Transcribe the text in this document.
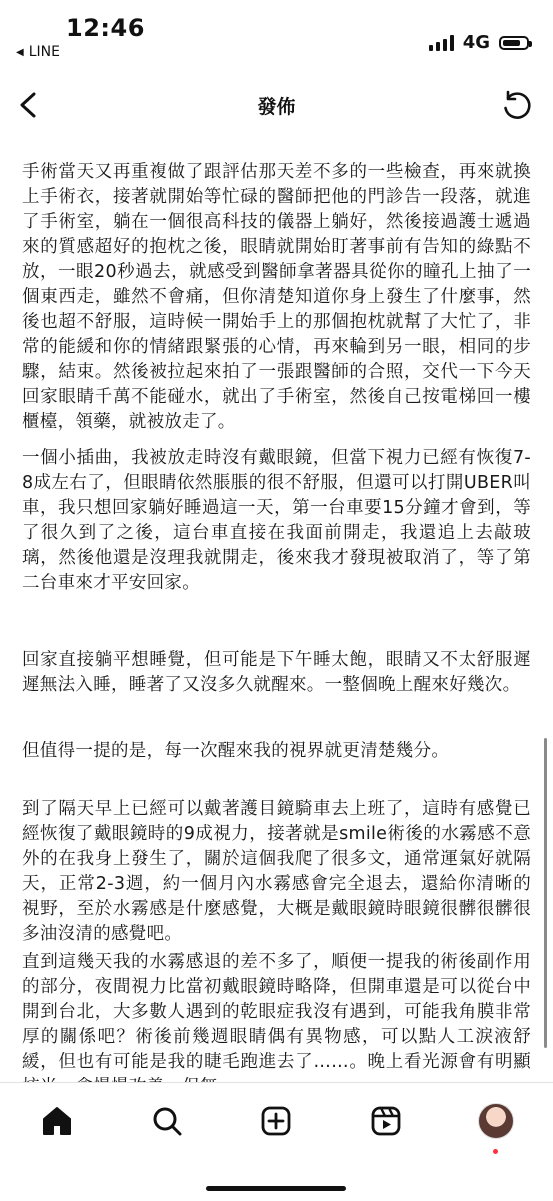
12:46
◀ LINE	4G
發佈

手術當天又再重複做了跟評估那天差不多的一些檢查，再來就換上手術衣，接著就開始等忙碌的醫師把他的門診告一段落，就進了手術室，躺在一個很高科技的儀器上躺好，然後接過護士遞過來的質感超好的抱枕之後，眼睛就開始盯著事前有告知的綠點不放，一眼20秒過去，就感受到醫師拿著器具從你的瞳孔上抽了一個東西走，雖然不會痛，但你清楚知道你身上發生了什麼事，然後也超不舒服，這時候一開始手上的那個抱枕就幫了大忙了，非常的能緩和你的情緒跟緊張的心情，再來輪到另一眼，相同的步驟，結束。然後被拉起來拍了一張跟醫師的合照，交代一下今天回家眼睛千萬不能碰水，就出了手術室，然後自己按電梯回一樓櫃檯，領藥，就被放走了。

一個小插曲，我被放走時沒有戴眼鏡，但當下視力已經有恢復7-8成左右了，但眼睛依然脹脹的很不舒服，但還可以打開UBER叫車，我只想回家躺好睡過這一天，第一台車要15分鐘才會到，等了很久到了之後，這台車直接在我面前開走，我還追上去敲玻璃，然後他還是沒理我就開走，後來我才發現被取消了，等了第二台車來才平安回家。

回家直接躺平想睡覺，但可能是下午睡太飽，眼睛又不太舒服遲遲無法入睡，睡著了又沒多久就醒來。一整個晚上醒來好幾次。

但值得一提的是，每一次醒來我的視界就更清楚幾分。

到了隔天早上已經可以戴著護目鏡騎車去上班了，這時有感覺已經恢復了戴眼鏡時的9成視力，接著就是smile術後的水霧感不意外的在我身上發生了，關於這個我爬了很多文，通常運氣好就隔天，正常2-3週，約一個月內水霧感會完全退去，還給你清晰的視野，至於水霧感是什麼感覺，大概是戴眼鏡時眼鏡很髒很髒很多油沒清的感覺吧。

直到這幾天我的水霧感退的差不多了，順便一提我的術後副作用的部分，夜間視力比當初戴眼鏡時略降，但開車還是可以從台中開到台北，大多數人遇到的乾眼症我沒有遇到，可能我角膜非常厚的關係吧？術後前幾週眼睛偶有異物感，可以點人工淚液舒緩，但也有可能是我的睫毛跑進去了……。晚上看光源會有明顯
